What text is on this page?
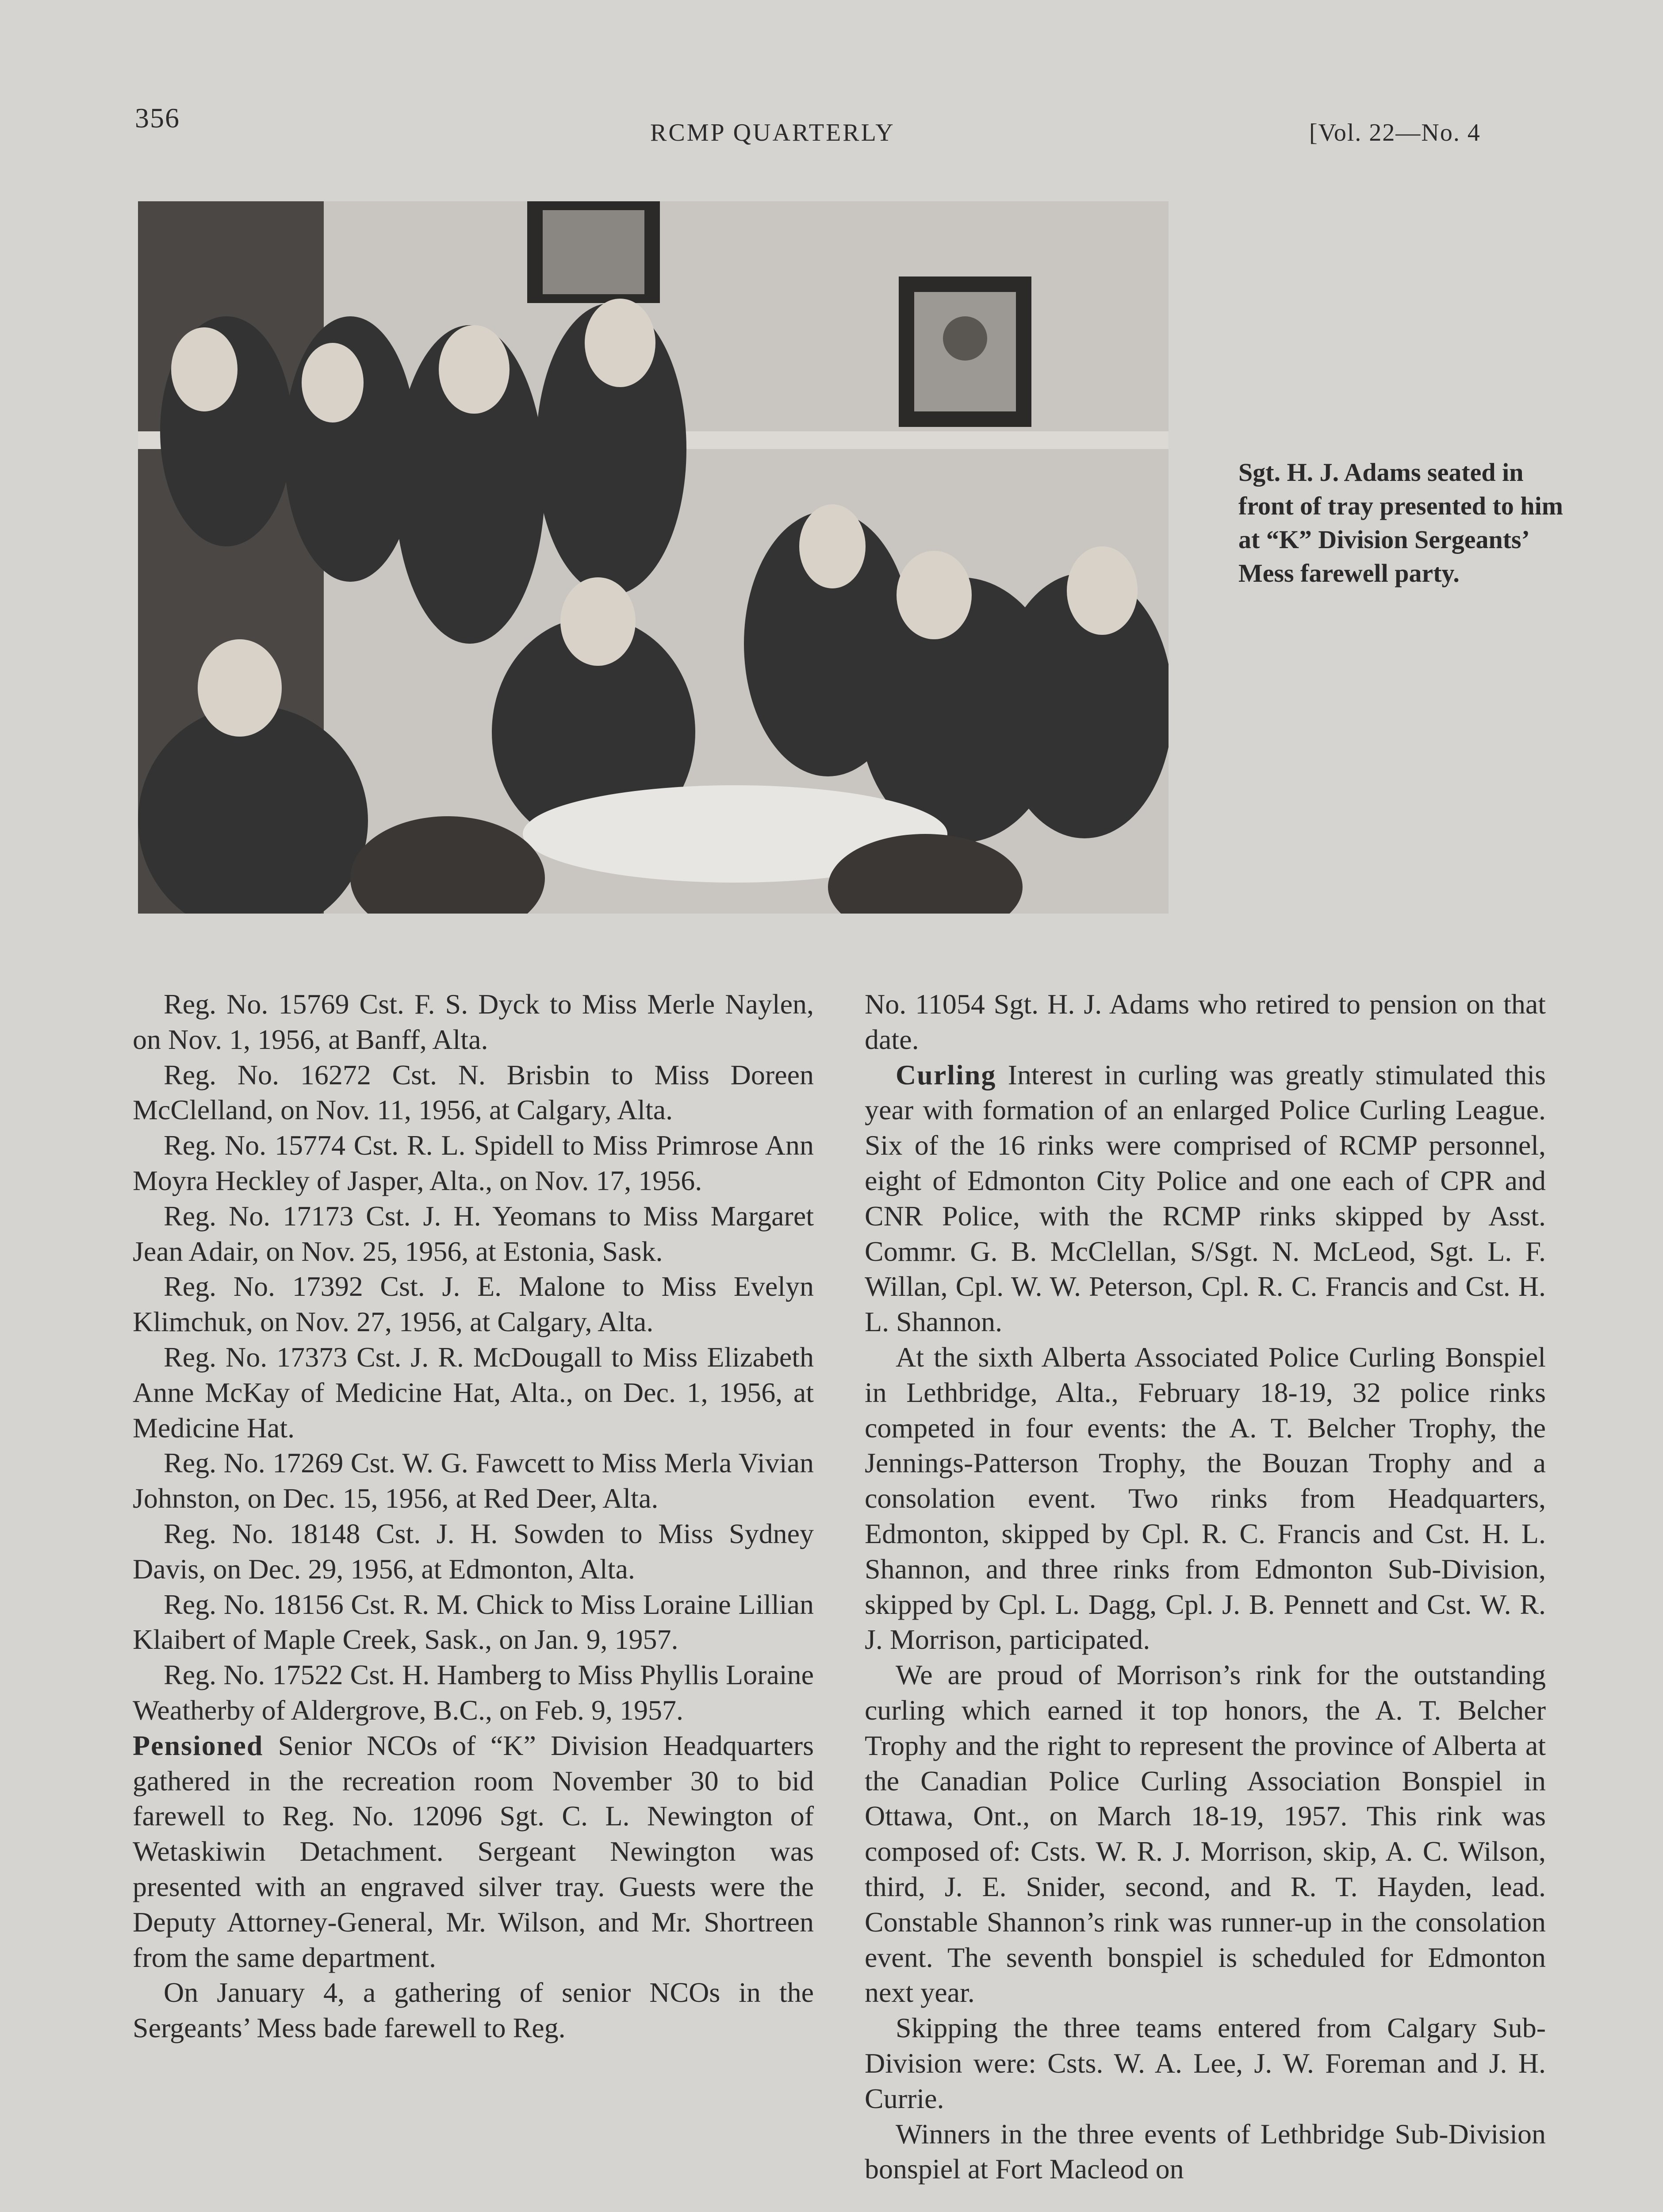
356	RCMP QUARTERLY	[Vol. 22—No. 4
Sgt. H. J. Adams seated in front of tray presented to him at “K” Division Sergeants’ Mess farewell party.

Reg. No. 15769 Cst. F. S. Dyck to Miss Merle Naylen, on Nov. 1, 1956, at Banff, Alta.

Reg. No. 16272 Cst. N. Brisbin to Miss Doreen McClelland, on Nov. 11, 1956, at Calgary, Alta.

Reg. No. 15774 Cst. R. L. Spidell to Miss Primrose Ann Moyra Heckley of Jasper, Alta., on Nov. 17, 1956.

Reg. No. 17173 Cst. J. H. Yeomans to Miss Margaret Jean Adair, on Nov. 25, 1956, at Estonia, Sask.

Reg. No. 17392 Cst. J. E. Malone to Miss Evelyn Klimchuk, on Nov. 27, 1956, at Calgary, Alta.

Reg. No. 17373 Cst. J. R. McDougall to Miss Elizabeth Anne McKay of Medicine Hat, Alta., on Dec. 1, 1956, at Medicine Hat.

Reg. No. 17269 Cst. W. G. Fawcett to Miss Merla Vivian Johnston, on Dec. 15, 1956, at Red Deer, Alta.

Reg. No. 18148 Cst. J. H. Sowden to Miss Sydney Davis, on Dec. 29, 1956, at Edmonton, Alta.

Reg. No. 18156 Cst. R. M. Chick to Miss Loraine Lillian Klaibert of Maple Creek, Sask., on Jan. 9, 1957.

Reg. No. 17522 Cst. H. Hamberg to Miss Phyllis Loraine Weatherby of Aldergrove, B.C., on Feb. 9, 1957.

Pensioned Senior NCOs of “K” Division Headquarters gathered in the recreation room November 30 to bid farewell to Reg. No. 12096 Sgt. C. L. Newington of Wetaskiwin Detachment. Sergeant Newington was presented with an engraved silver tray. Guests were the Deputy Attorney-General, Mr. Wilson, and Mr. Shortreen from the same department.

On January 4, a gathering of senior NCOs in the Sergeants’ Mess bade farewell to Reg.

No. 11054 Sgt. H. J. Adams who retired to pension on that date.

Curling Interest in curling was greatly stimulated this year with formation of an enlarged Police Curling League. Six of the 16 rinks were comprised of RCMP personnel, eight of Edmonton City Police and one each of CPR and CNR Police, with the RCMP rinks skipped by Asst. Commr. G. B. McClellan, S/Sgt. N. McLeod, Sgt. L. F. Willan, Cpl. W. W. Peterson, Cpl. R. C. Francis and Cst. H. L. Shannon.

At the sixth Alberta Associated Police Curling Bonspiel in Lethbridge, Alta., February 18-19, 32 police rinks competed in four events: the A. T. Belcher Trophy, the Jennings-Patterson Trophy, the Bouzan Trophy and a consolation event. Two rinks from Headquarters, Edmonton, skipped by Cpl. R. C. Francis and Cst. H. L. Shannon, and three rinks from Edmonton Sub-Division, skipped by Cpl. L. Dagg, Cpl. J. B. Pennett and Cst. W. R. J. Morrison, participated.

We are proud of Morrison’s rink for the outstanding curling which earned it top honors, the A. T. Belcher Trophy and the right to represent the province of Alberta at the Canadian Police Curling Association Bonspiel in Ottawa, Ont., on March 18-19, 1957. This rink was composed of: Csts. W. R. J. Morrison, skip, A. C. Wilson, third, J. E. Snider, second, and R. T. Hayden, lead. Constable Shannon’s rink was runner-up in the consolation event. The seventh bonspiel is scheduled for Edmonton next year.

Skipping the three teams entered from Calgary Sub-Division were: Csts. W. A. Lee, J. W. Foreman and J. H. Currie.

Winners in the three events of Lethbridge Sub-Division bonspiel at Fort Macleod on
